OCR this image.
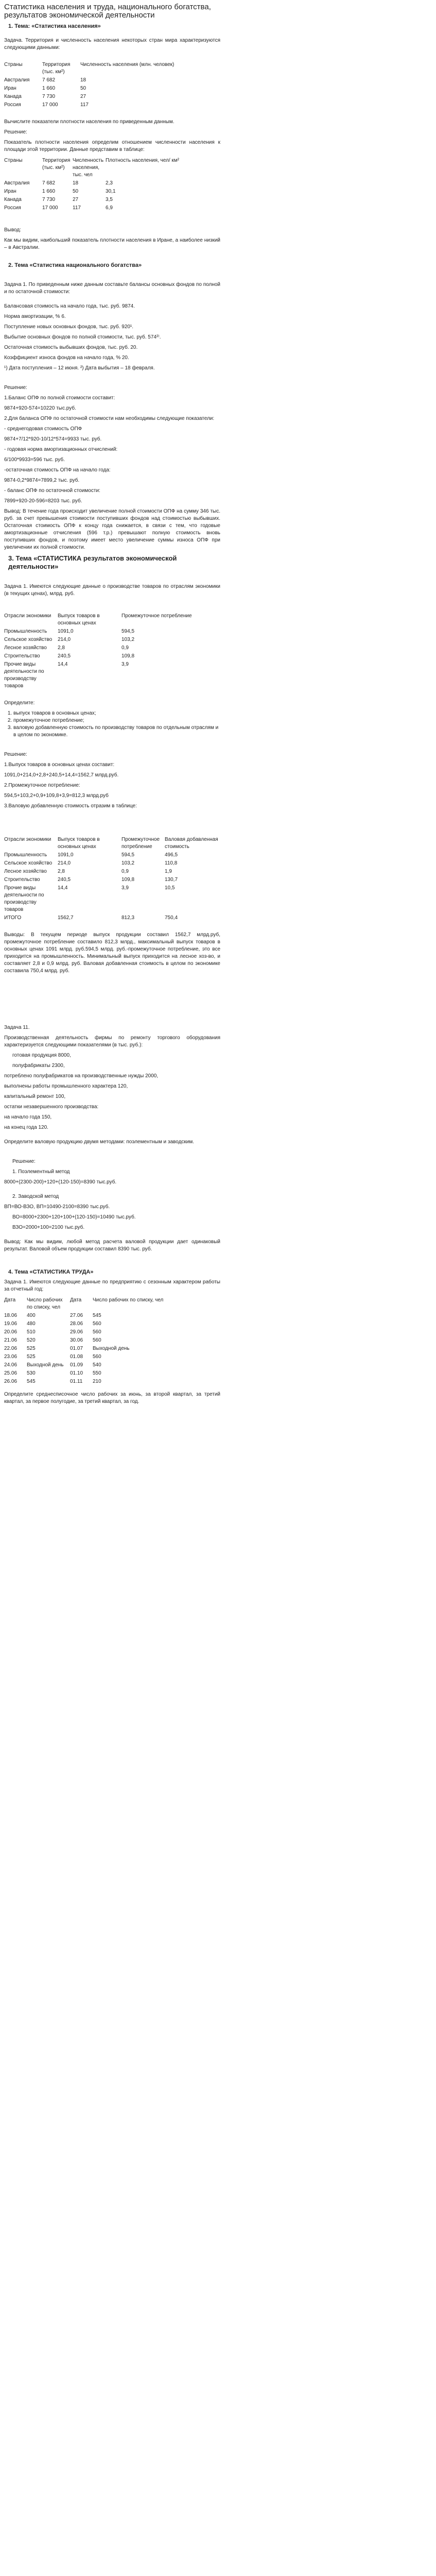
Статистика населения и труда, национального богатства, результатов экономической деятельности
1. Тема: «Статистика населения»

Задача. Территория и численность населения некоторых стран мира характеризуются следующими данными:

Страны	Территория (тыс. км²)	Численность населения (млн. человек)
Австралия	7 682	18
Иран	1 660	50
Канада	7 730	27
Россия	17 000	117

Вычислите показатели плотности населения по приведенным данным.

Решение:

Показатель плотности населения определим отношением численности населения к площади этой территории. Данные представим в таблице:

Страны	Территория (тыс. км²)	Численность населения, тыс. чел	Плотность населения, чел/ км²
Австралия	7 682	18	2,3
Иран	1 660	50	30,1
Канада	7 730	27	3,5
Россия	17 000	117	6,9

Вывод:

Как мы видим, наибольший показатель плотности населения в Иране, а наиболее низкий – в Австралии.

2. Тема «Статистика национального богатства»

Задача 1. По приведенным ниже данным составьте балансы основных фондов по полной и по остаточной стоимости:

Балансовая стоимость на начало года, тыс. руб. 9874.

Норма амортизации, % 6.

Поступление новых основных фондов, тыс. руб. 920¹.

Выбытие основных фондов по полной стоимости, тыс. руб. 574²⁾.

Остаточная стоимость выбывших фондов, тыс. руб. 20.

Коэффициент износа фондов на начало года, % 20.

¹) Дата поступления – 12 июня. ²) Дата выбытия – 18 февраля.

Решение:

1.Баланс ОПФ по полной стоимости составит:

9874+920-574=10220 тыс.руб.

2.Для баланса ОПФ по остаточной стоимости нам необходимы следующие показатели:

- среднегодовая стоимость ОПФ

9874+7/12*920-10/12*574=9933 тыс. руб.

- годовая норма амортизационных отчислений:

6/100*9933=596 тыс. руб.

-остаточная стоимость ОПФ на начало года:

9874-0,2*9874=7899,2 тыс. руб.

- баланс ОПФ по остаточной стоимости:

7899+920-20-596=8203 тыс. руб.

Вывод: В течение года происходит увеличение полной стоимости ОПФ на сумму 346 тыс. руб. за счет превышения стоимости поступивших фондов над стоимостью выбывших. Остаточная стоимость ОПФ к концу года снижается, в связи с тем, что годовые амортизационные отчисления (596 т.р.) превышают полную стоимость вновь поступивших фондов, и поэтому имеет место увеличение суммы износа ОПФ при увеличении их полной стоимости.

3. Тема «СТАТИСТИКА результатов экономической деятельности»

Задача 1. Имеются следующие данные о производстве товаров по отраслям экономики (в текущих ценах), млрд. руб.

Отрасли экономики	Выпуск товаров в основных ценах	Промежуточное потребление
Промышленность	1091,0	594,5
Сельское хозяйство	214,0	103,2
Лесное хозяйство	2,8	0,9
Строительство	240,5	109,8
Прочие виды деятельности по производству товаров	14,4	3,9

Определите:

1. выпуск товаров в основных ценах;
2. промежуточное потребление;
3. валовую добавленную стоимость по производству товаров по отдельным отраслям и в целом по экономике.

Решение:

1.Выпуск товаров в основных ценах составит:

1091,0+214,0+2,8+240,5+14,4=1562,7 млрд.руб.

2.Промежуточное потребление:

594,5+103,2+0,9+109,8+3,9=812,3 млрд.руб

3.Валовую добавленную стоимость отразим в таблице:

Отрасли экономики	Выпуск товаров в основных ценах	Промежуточное потребление	Валовая добавленная стоимость
Промышленность	1091,0	594,5	496,5
Сельское хозяйство	214,0	103,2	110,8
Лесное хозяйство	2,8	0,9	1,9
Строительство	240,5	109,8	130,7
Прочие виды деятельности по производству товаров	14,4	3,9	10,5
ИТОГО	1562,7	812,3	750,4

Выводы: В текущем периоде выпуск продукции составил 1562,7 млрд.руб, промежуточное потребление составило 812,3 млрд., максимальный выпуск товаров в основных ценах 1091 млрд. руб.594,5 млрд. руб.-промежуточное потребление, это все приходится на промышленность. Минимальный выпуск приходится на лесное хоз-во, и составляет 2,8 и 0,9 млрд. руб. Валовая добавленная стоимость в целом по экономике составила 750,4 млрд. руб.

Задача 11.

Производственная деятельность фирмы по ремонту торгового оборудования характеризуется следующими показателями (в тыс. руб.):

готовая продукция 8000,

полуфабрикаты 2300,

потреблено полуфабрикатов на производственные нужды 2000,

выполнены работы промышленного характера 120,

капитальный ремонт 100,

остатки незавершенного производства:

на начало года 150,

на конец года 120.

Определите валовую продукцию двумя методами: поэлементным и заводским.

Решение:

1. Поэлементный метод

8000+(2300-200)+120+(120-150)=8390 тыс.руб.

2. Заводской метод

ВП=ВО-ВЗО, ВП=10490-2100=8390 тыс.руб.

ВО=8000+2300+120+100+(120-150)=10490 тыс.руб.

ВЗО=2000+100=2100 тыс.руб.

Вывод: Как мы видим, любой метод расчета валовой продукции дает одинаковый результат. Валовой объем продукции составил 8390 тыс. руб.

4. Тема «СТАТИСТИКА ТРУДА»

Задача 1. Имеются следующие данные по предприятию с сезонным характером работы за отчетный год:

Дата	Число рабочих по списку, чел	Дата	Число рабочих по списку, чел
18.06	400	27.06	545
19.06	480	28.06	560
20.06	510	29.06	560
21.06	520	30.06	560
22.06	525	01.07	Выходной день
23.06	525	01.08	560
24.06	Выходной день	01.09	540
25.06	530	01.10	550
26.06	545	01.11	210

Определите среднесписочное число рабочих за июнь, за второй квартал, за третий квартал, за первое полугодие, за третий квартал, за год.
